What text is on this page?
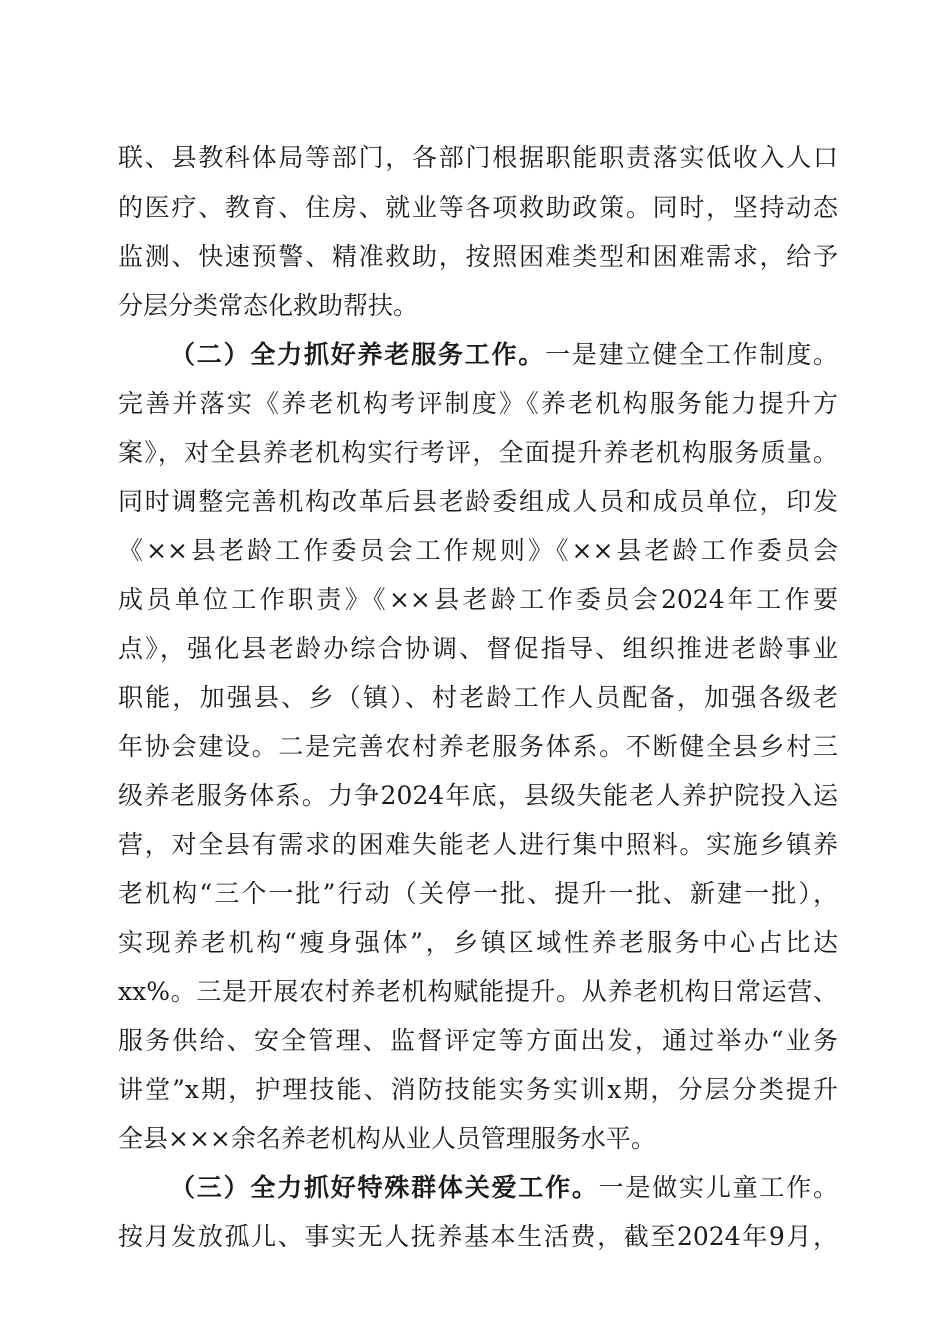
联、县教科体局等部门，各部门根据职能职责落实低收入人口
的医疗、教育、住房、就业等各项救助政策。同时，坚持动态
监测、快速预警、精准救助，按照困难类型和困难需求，给予
分层分类常态化救助帮扶。
（二）全力抓好养老服务工作。一是建立健全工作制度。
完善并落实《养老机构考评制度》《养老机构服务能力提升方
案》，对全县养老机构实行考评，全面提升养老机构服务质量。
同时调整完善机构改革后县老龄委组成人员和成员单位，印发
《××县老龄工作委员会工作规则》《××县老龄工作委员会
成员单位工作职责》《××县老龄工作委员会2024年工作要
点》，强化县老龄办综合协调、督促指导、组织推进老龄事业
职能，加强县、乡（镇）、村老龄工作人员配备，加强各级老
年协会建设。二是完善农村养老服务体系。不断健全县乡村三
级养老服务体系。力争2024年底，县级失能老人养护院投入运
营，对全县有需求的困难失能老人进行集中照料。实施乡镇养
老机构“三个一批”行动（关停一批、提升一批、新建一批），
实现养老机构“瘦身强体”，乡镇区域性养老服务中心占比达
xx%。三是开展农村养老机构赋能提升。从养老机构日常运营、
服务供给、安全管理、监督评定等方面出发，通过举办“业务
讲堂”x期，护理技能、消防技能实务实训x期，分层分类提升
全县×××余名养老机构从业人员管理服务水平。
（三）全力抓好特殊群体关爱工作。一是做实儿童工作。
按月发放孤儿、事实无人抚养基本生活费，截至2024年9月，
